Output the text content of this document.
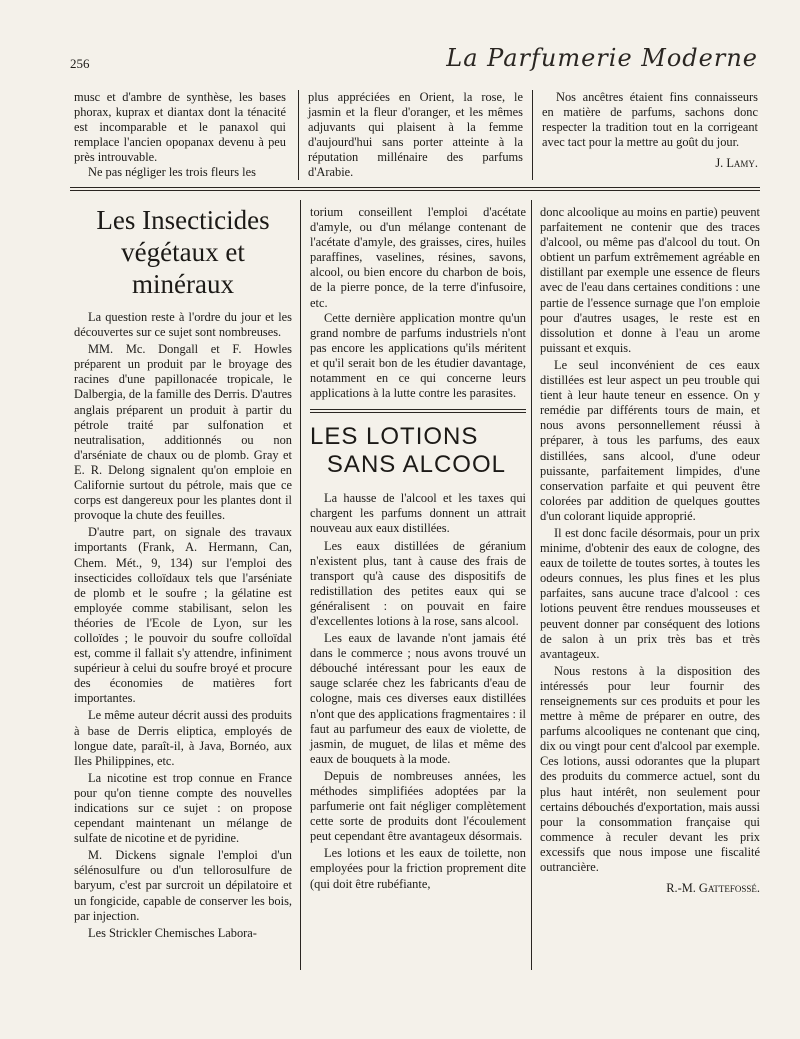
256	La Parfumerie Moderne

musc et d'ambre de synthèse, les bases phorax, kuprax et diantax dont la ténacité est incomparable et le panaxol qui remplace l'ancien opopanax devenu à peu près introuvable.

Ne pas négliger les trois fleurs les

plus appréciées en Orient, la rose, le jasmin et la fleur d'oranger, et les mêmes adjuvants qui plaisent à la femme d'aujourd'hui sans porter atteinte à la réputation millénaire des parfums d'Arabie.

Nos ancêtres étaient fins connaisseurs en matière de parfums, sachons donc respecter la tradition tout en la corrigeant avec tact pour la mettre au goût du jour.

J. Lamy.

Les Insecticides
végétaux et minéraux

La question reste à l'ordre du jour et les découvertes sur ce sujet sont nombreuses.

MM. Mc. Dongall et F. Howles préparent un produit par le broyage des racines d'une papillonacée tropicale, le Dalbergia, de la famille des Derris. D'autres anglais préparent un produit à partir du pétrole traité par sulfonation et neutralisation, additionnés ou non d'arséniate de chaux ou de plomb. Gray et E. R. Delong signalent qu'on emploie en Californie surtout du pétrole, mais que ce corps est dangereux pour les plantes dont il provoque la chute des feuilles.

D'autre part, on signale des travaux importants (Frank, A. Hermann, Can, Chem. Mét., 9, 134) sur l'emploi des insecticides colloïdaux tels que l'arséniate de plomb et le soufre ; la gélatine est employée comme stabilisant, selon les théories de l'Ecole de Lyon, sur les colloïdes ; le pouvoir du soufre colloïdal est, comme il fallait s'y attendre, infiniment supérieur à celui du soufre broyé et procure des économies de matières fort importantes.

Le même auteur décrit aussi des produits à base de Derris eliptica, employés de longue date, paraît-il, à Java, Bornéo, aux Iles Philippines, etc.

La nicotine est trop connue en France pour qu'on tienne compte des nouvelles indications sur ce sujet : on propose cependant maintenant un mélange de sulfate de nicotine et de pyridine.

M. Dickens signale l'emploi d'un sélénosulfure ou d'un tellorosulfure de baryum, c'est par surcroit un dépilatoire et un fongicide, capable de conserver les bois, par injection.

Les Strickler Chemisches Labora-

torium conseillent l'emploi d'acétate d'amyle, ou d'un mélange contenant de l'acétate d'amyle, des graisses, cires, huiles paraffines, vaselines, résines, savons, alcool, ou bien encore du charbon de bois, de la pierre ponce, de la terre d'infusoire, etc.

Cette dernière application montre qu'un grand nombre de parfums industriels n'ont pas encore les applications qu'ils méritent et qu'il serait bon de les étudier davantage, notamment en ce qui concerne leurs applications à la lutte contre les parasites.

LES LOTIONS
SANS ALCOOL

La hausse de l'alcool et les taxes qui chargent les parfums donnent un attrait nouveau aux eaux distillées.

Les eaux distillées de géranium n'existent plus, tant à cause des frais de transport qu'à cause des dispositifs de redistillation des petites eaux qui se généralisent : on pouvait en faire d'excellentes lotions à la rose, sans alcool.

Les eaux de lavande n'ont jamais été dans le commerce ; nous avons trouvé un débouché intéressant pour les eaux de sauge sclarée chez les fabricants d'eau de cologne, mais ces diverses eaux distillées n'ont que des applications fragmentaires : il faut au parfumeur des eaux de violette, de jasmin, de muguet, de lilas et même des eaux de bouquets à la mode.

Depuis de nombreuses années, les méthodes simplifiées adoptées par la parfumerie ont fait négliger complètement cette sorte de produits dont l'écoulement peut cependant être avantageux désormais.

Les lotions et les eaux de toilette, non employées pour la friction proprement dite (qui doit être rubéfiante,

donc alcoolique au moins en partie) peuvent parfaitement ne contenir que des traces d'alcool, ou même pas d'alcool du tout. On obtient un parfum extrêmement agréable en distillant par exemple une essence de fleurs avec de l'eau dans certaines conditions : une partie de l'essence surnage que l'on emploie pour d'autres usages, le reste est en dissolution et donne à l'eau un arome puissant et exquis.

Le seul inconvénient de ces eaux distillées est leur aspect un peu trouble qui tient à leur haute teneur en essence. On y remédie par différents tours de main, et nous avons personnellement réussi à préparer, à tous les parfums, des eaux distillées, sans alcool, d'une odeur puissante, parfaitement limpides, d'une conservation parfaite et qui peuvent être colorées par addition de quelques gouttes d'un colorant liquide approprié.

Il est donc facile désormais, pour un prix minime, d'obtenir des eaux de cologne, des eaux de toilette de toutes sortes, à toutes les odeurs connues, les plus fines et les plus parfaites, sans aucune trace d'alcool : ces lotions peuvent être rendues mousseuses et peuvent donner par conséquent des lotions de salon à un prix très bas et très avantageux.

Nous restons à la disposition des intéressés pour leur fournir des renseignements sur ces produits et pour les mettre à même de préparer en outre, des parfums alcooliques ne contenant que cinq, dix ou vingt pour cent d'alcool par exemple. Ces lotions, aussi odorantes que la plupart des produits du commerce actuel, sont du plus haut intérêt, non seulement pour certains débouchés d'exportation, mais aussi pour la consommation française qui commence à reculer devant les prix excessifs que nous impose une fiscalité outrancière.

R.-M. Gattefossé.
